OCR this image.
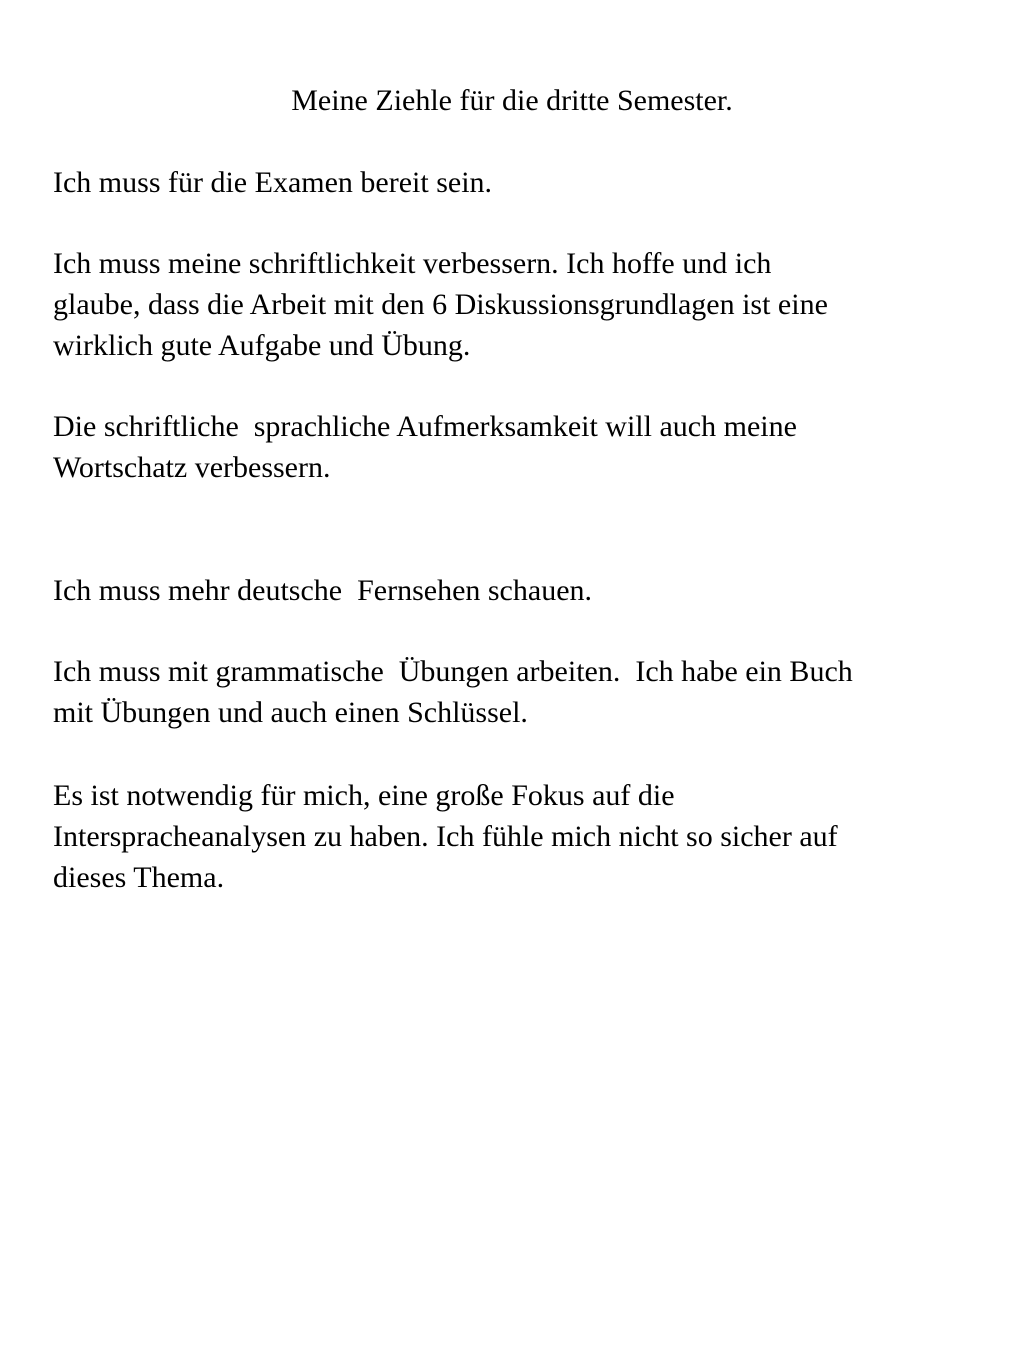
Meine Ziehle für die dritte Semester.

Ich muss für die Examen bereit sein.

Ich muss meine schriftlichkeit verbessern. Ich hoffe und ich
glaube, dass die Arbeit mit den 6 Diskussionsgrundlagen ist eine
wirklich gute Aufgabe und Übung.

Die schriftliche  sprachliche Aufmerksamkeit will auch meine
Wortschatz verbessern.

Ich muss mehr deutsche  Fernsehen schauen.

Ich muss mit grammatische  Übungen arbeiten.  Ich habe ein Buch
mit Übungen und auch einen Schlüssel.

Es ist notwendig für mich, eine große Fokus auf die
Interspracheanalysen zu haben. Ich fühle mich nicht so sicher auf
dieses Thema.
